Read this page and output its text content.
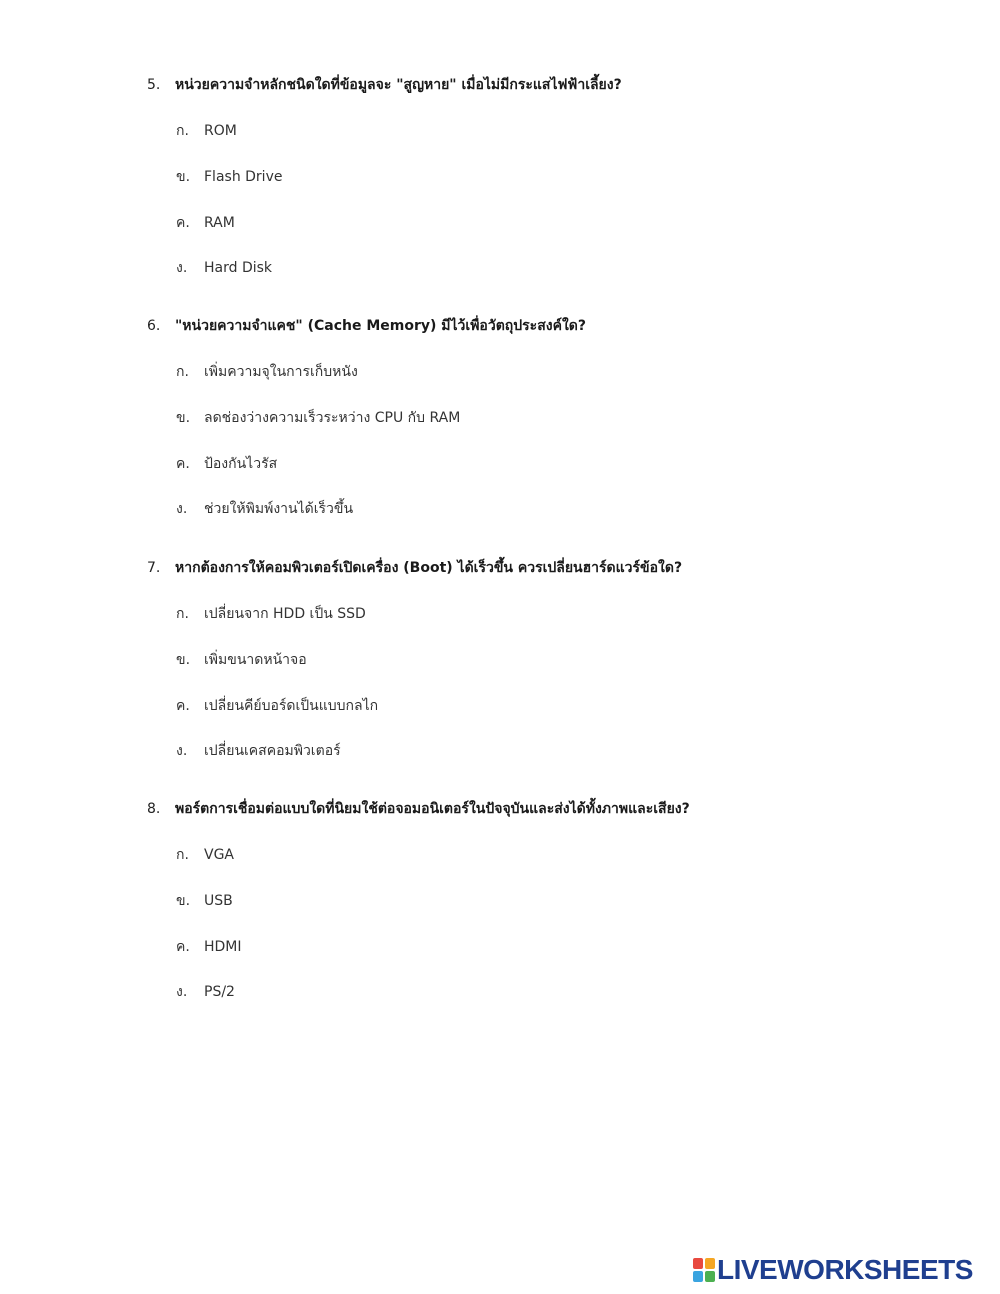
5.	หน่วยความจำหลักชนิดใดที่ข้อมูลจะ "สูญหาย" เมื่อไม่มีกระแสไฟฟ้าเลี้ยง?
ก.	ROM
ข. Flash Drive
ค.	RAM
ง.	Hard Disk
6.	"หน่วยความจำแคช" (Cache Memory) มีไว้เพื่อวัตถุประสงค์ใด?
ก.	เพิ่มความจุในการเก็บหนัง
ข. ลดช่องว่างความเร็วระหว่าง CPU กับ RAM
ค.	ป้องกันไวรัส
ง.	ช่วยให้พิมพ์งานได้เร็วขึ้น
7.	หากต้องการให้คอมพิวเตอร์เปิดเครื่อง (Boot) ได้เร็วขึ้น ควรเปลี่ยนฮาร์ดแวร์ข้อใด?
ก.	เปลี่ยนจาก HDD เป็น SSD
ข. เพิ่มขนาดหน้าจอ
ค.	เปลี่ยนคีย์บอร์ดเป็นแบบกลไก
ง.	เปลี่ยนเคสคอมพิวเตอร์
8.	พอร์ตการเชื่อมต่อแบบใดที่นิยมใช้ต่อจอมอนิเตอร์ในปัจจุบันและส่งได้ทั้งภาพและเสียง?
ก.	VGA
ข. USB
ค.	HDMI
ง.	PS/2
LIVEWORKSHEETS
